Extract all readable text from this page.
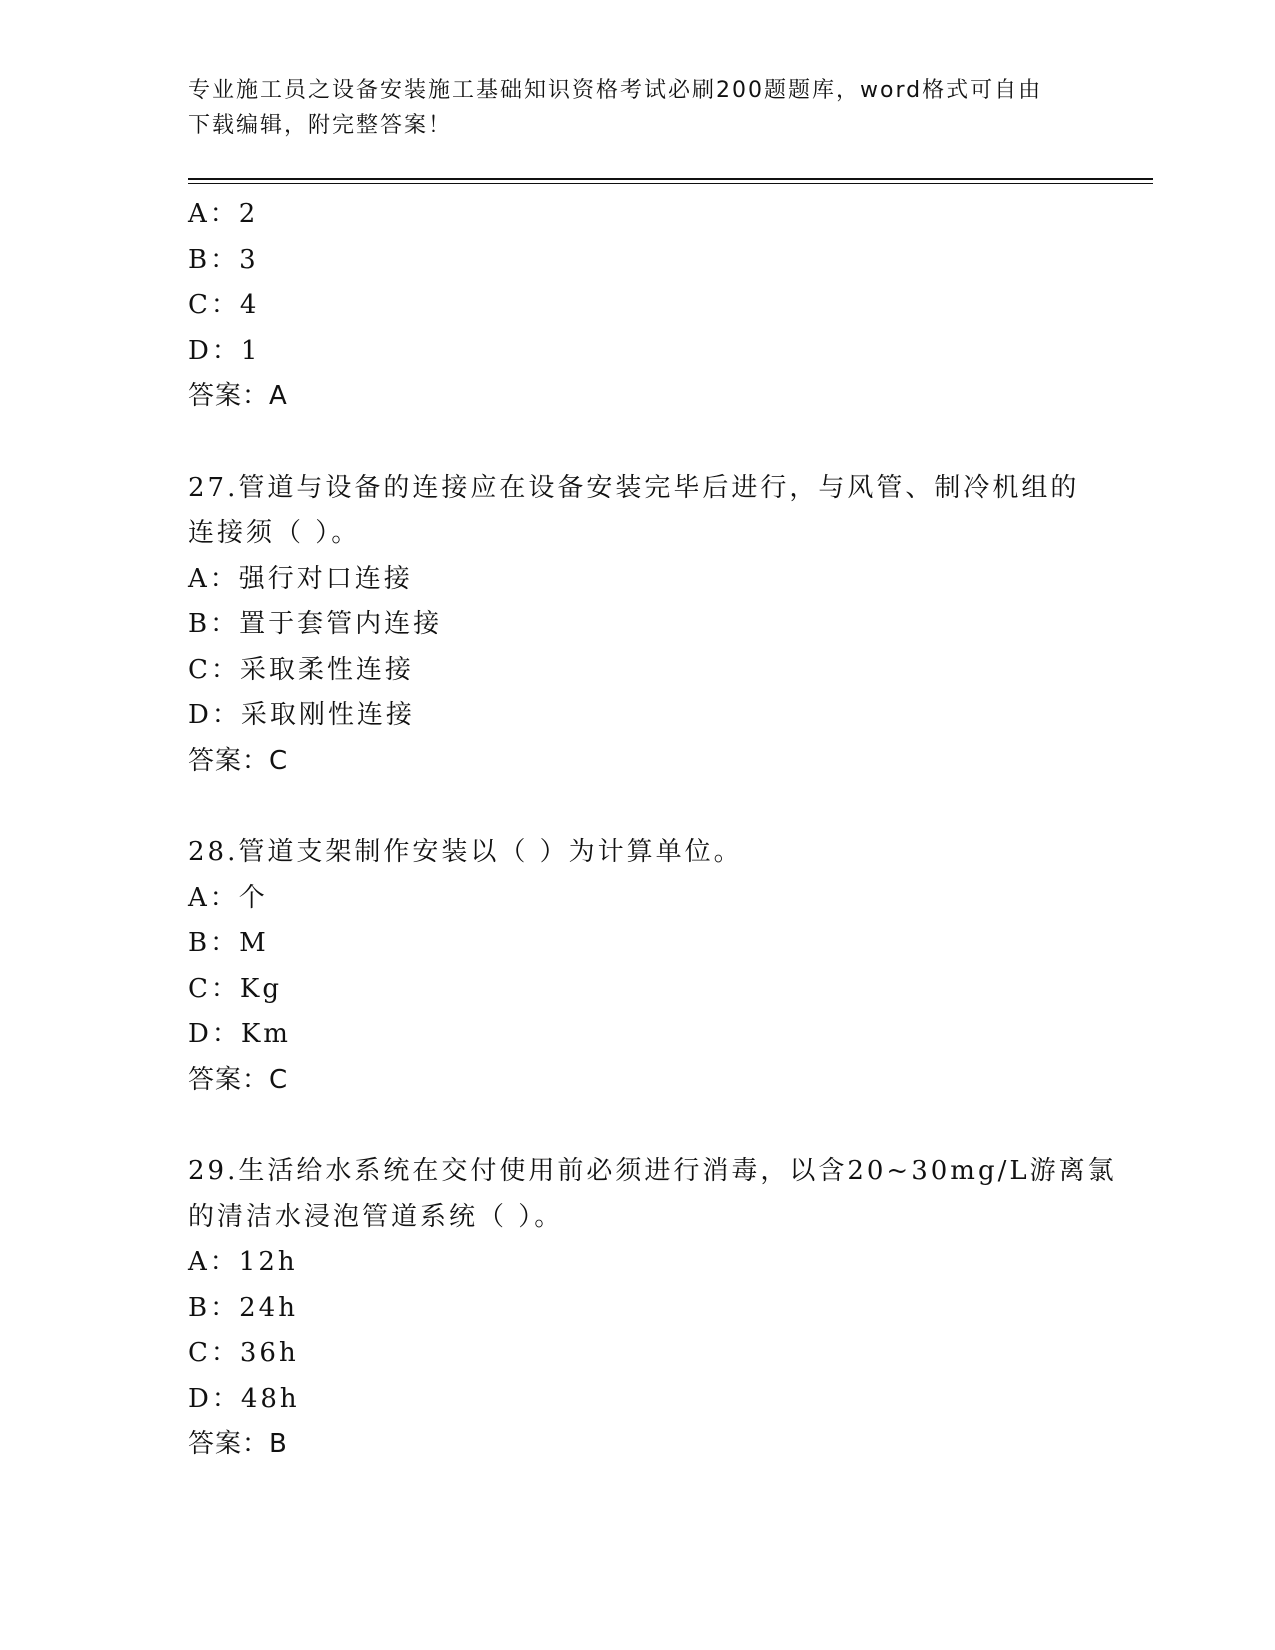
专业施工员之设备安装施工基础知识资格考试必刷200题题库，word格式可自由
下载编辑，附完整答案！
A：2
B：3
C：4
D：1
答案：A
27.管道与设备的连接应在设备安装完毕后进行，与风管、制冷机组的
连接须（ ）。
A：强行对口连接
B：置于套管内连接
C：采取柔性连接
D：采取刚性连接
答案：C
28.管道支架制作安装以（ ）为计算单位。
A：个
B：M
C：Kg
D：Km
答案：C
29.生活给水系统在交付使用前必须进行消毒，以含20~30mg/L游离氯
的清洁水浸泡管道系统（ ）。
A：12h
B：24h
C：36h
D：48h
答案：B
